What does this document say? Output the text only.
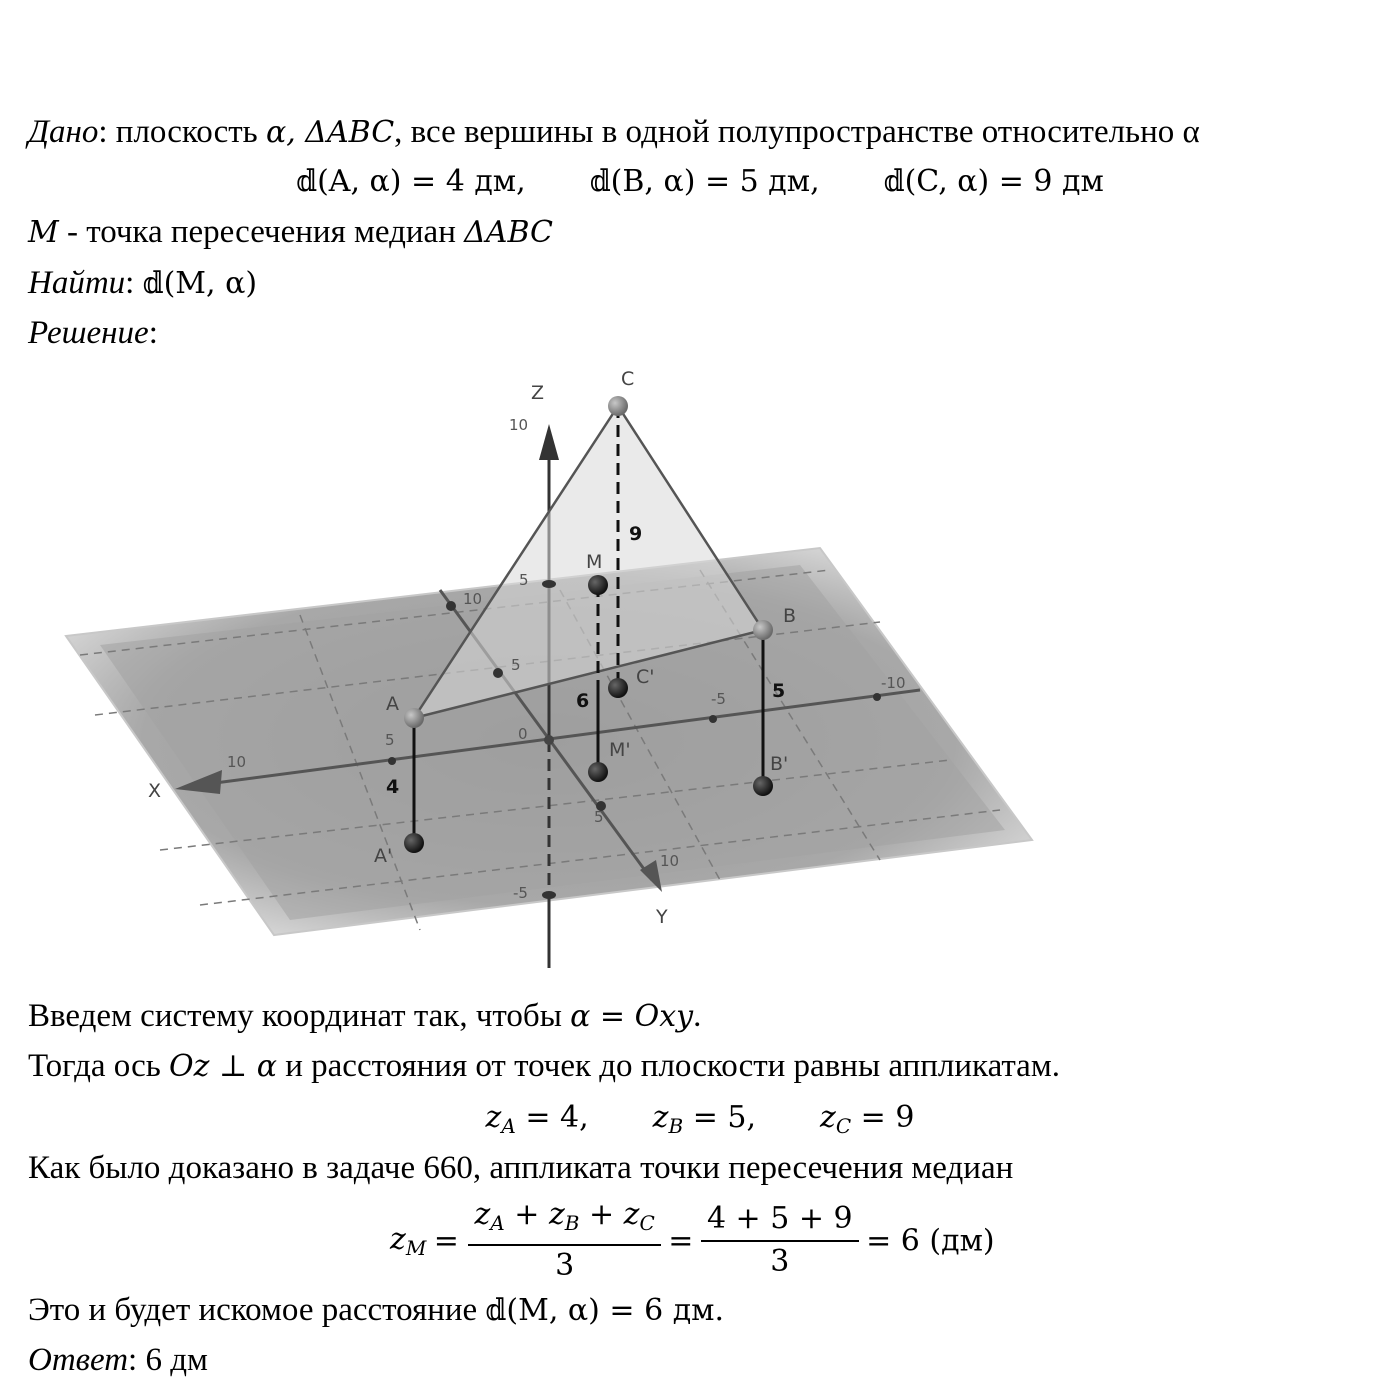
Дано: плоскость α, ΔABC, все вершины в одной полупространстве относительно α
𝕕(A, α) = 4 дм, 𝕕(B, α) = 5 дм, 𝕕(C, α) = 9 дм
M - точка пересечения медиан ΔABC
Найти: 𝕕(M, α)
Решение:
Z
X
Y
C
B
A
M
A'
B'
C'
M'
4
5
9
6
10
5
-5
10
5
10
5
5
10
-5
-10
0
Введем систему координат так, чтобы α = Oxy.
Тогда ось Oz ⊥ α и расстояния от точек до плоскости равны аппликатам.
$z_A = 4$, $z_B = 5$, $z_C = 9$
Как было доказано в задаче 660, аппликата точки пересечения медиан
$z_M = \frac{z_A + z_B + z_C}{3} = \frac{4 + 5 + 9}{3} = 6$ (дм)
Это и будет искомое расстояние 𝕕(M, α) = 6 дм.
Ответ: 6 дм
